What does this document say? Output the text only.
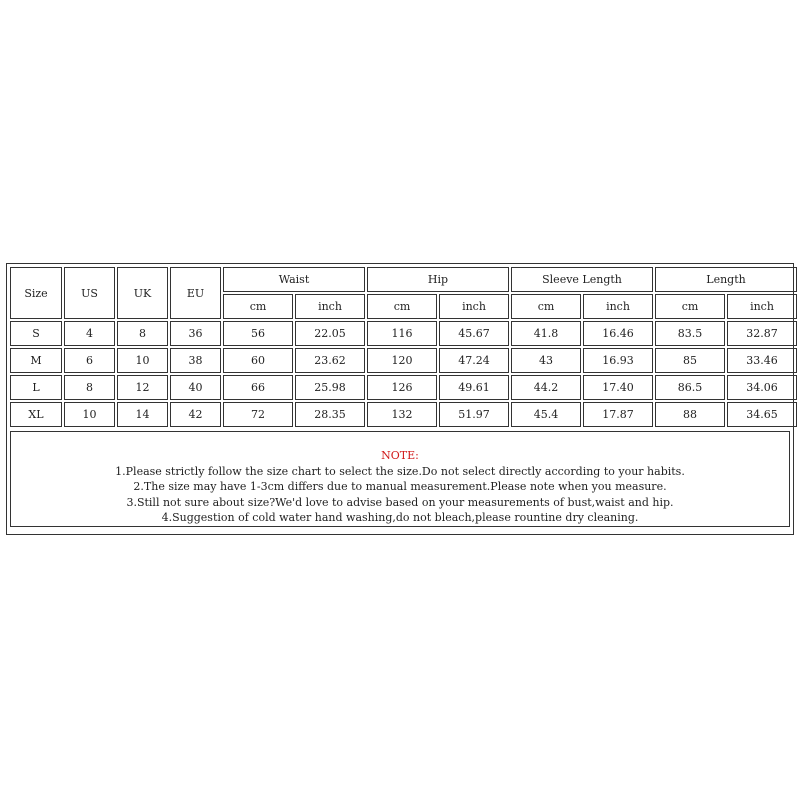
Size	US	UK	EU	Waist		Hip		Sleeve Length		Length	
				cm	inch	cm	inch	cm	inch	cm	inch
S	4	8	36	56	22.05	116	45.67	41.8	16.46	83.5	32.87
M	6	10	38	60	23.62	120	47.24	43	16.93	85	33.46
L	8	12	40	66	25.98	126	49.61	44.2	17.40	86.5	34.06
XL	10	14	42	72	28.35	132	51.97	45.4	17.87	88	34.65
NOTE:
1.Please strictly follow the size chart to select the size.Do not select directly according to your habits.
2.The size may have 1-3cm differs due to manual measurement.Please note when you measure.
3.Still not sure about size?We'd love to advise based on your measurements of bust,waist and hip.
4.Suggestion of cold water hand washing,do not bleach,please rountine dry cleaning.
